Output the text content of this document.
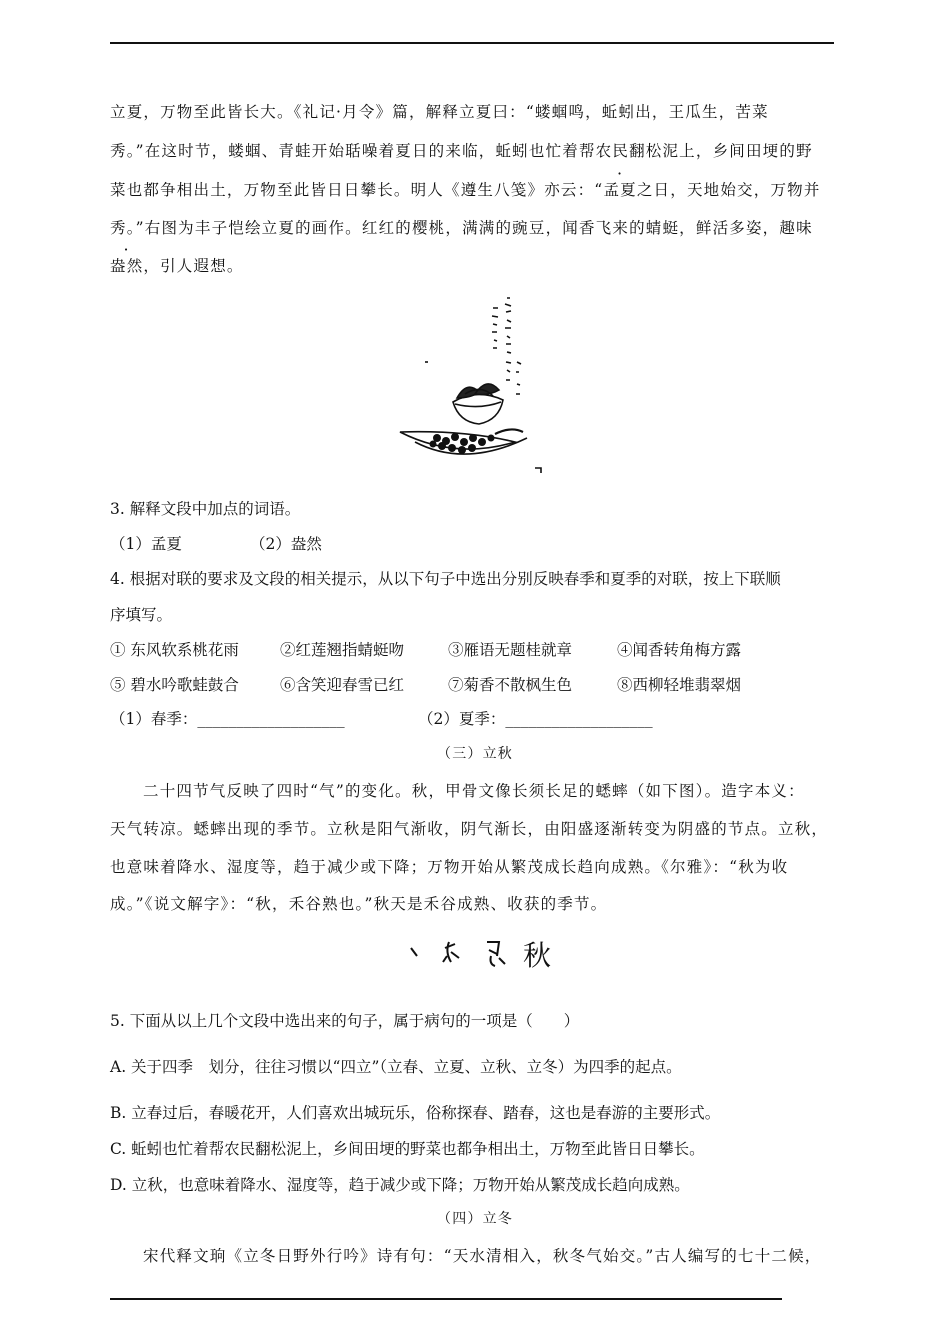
立夏，万物至此皆长大。《礼记·月令》篇，解释立夏曰：“蝼蝈鸣，蚯蚓出，王瓜生，苦菜
秀。”在这时节，蝼蝈、青蛙开始聒噪着夏日的来临，蚯蚓也忙着帮农民翻松泥上，乡间田埂的野
菜也都争相出土，万物至此皆日日攀长。明人《遵生八笺》亦云：“孟夏之日，天地始交，万物并
秀。”右图为丰子恺绘立夏的画作。红红的樱桃，满满的豌豆，闻香飞来的蜻蜓，鲜活多姿，趣味
盎然，引人遐想。
3. 解释文段中加点的词语。
（1）孟夏	（2）盎然
4. 根据对联的要求及文段的相关提示，从以下句子中选出分别反映春季和夏季的对联，按上下联顺
序填写。
① 东风软系桃花雨	②红莲翘指蜻蜓吻	③雁语无题桂就章	④闻香转角梅方露
⑤ 碧水吟歌蛙鼓合	⑥含笑迎春雪已红	⑦菊香不散枫生色	⑧西柳轻堆翡翠烟
（1）春季：___________________	（2）夏季：___________________
（三）立秋
二十四节气反映了四时“气”的变化。秋，甲骨文像长须长足的蟋蟀（如下图）。造字本义：
天气转凉。蟋蟀出现的季节。立秋是阳气渐收，阴气渐长，由阳盛逐渐转变为阴盛的节点。立秋，
也意味着降水、湿度等，趋于减少或下降；万物开始从繁茂成长趋向成熟。《尔雅》：“秋为收
成。”《说文解字》：“秋，禾谷熟也。”秋天是禾谷成熟、收获的季节。
秋
5. 下面从以上几个文段中选出来的句子，属于病句的一项是（　　）
A. 关于四季　划分，往往习惯以“四立”（立春、立夏、立秋、立冬）为四季的起点。
B. 立春过后，春暖花开，人们喜欢出城玩乐，俗称探春、踏春，这也是春游的主要形式。
C. 蚯蚓也忙着帮农民翻松泥上，乡间田埂的野菜也都争相出土，万物至此皆日日攀长。
D. 立秋，也意味着降水、湿度等，趋于减少或下降；万物开始从繁茂成长趋向成熟。
（四）立冬
宋代释文珦《立冬日野外行吟》诗有句：“天水清相入，秋冬气始交。”古人编写的七十二候，
